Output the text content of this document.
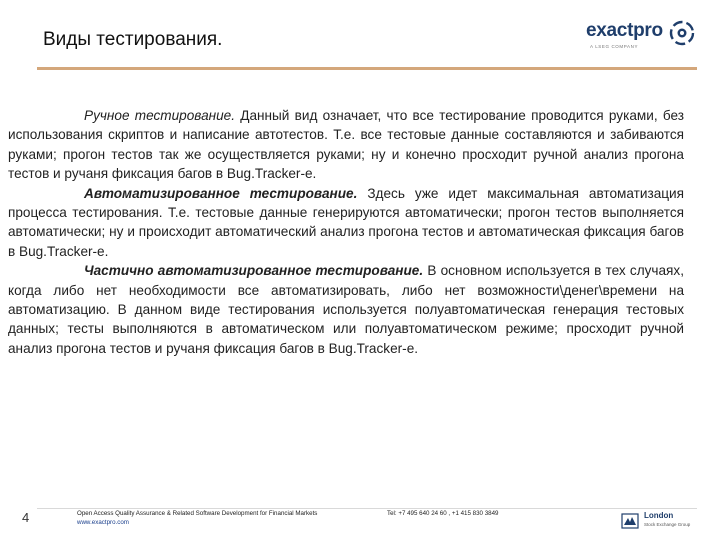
Виды тестирования.	exactpro
A LSEG COMPANY

Ручное тестирование. Данный вид означает, что все тестирование проводится руками, без использования скриптов и написание автотестов. Т.е. все тестовые данные составляются и забиваются руками; прогон тестов так же осуществляется руками; ну и конечно просходит ручной анализ прогона тестов и ручаня фиксация багов в Bug.Tracker-е.

Автоматизированное тестирование. Здесь уже идет максимальная автоматизация процесса тестирования. Т.е. тестовые данные генерируются автоматически; прогон тестов выполняется автоматически; ну и происходит автоматический анализ прогона тестов и автоматическая фиксация багов в Bug.Tracker-е.

Частично автоматизированное тестирование. В основном используется в тех случаях, когда либо нет необходимости все автоматизировать, либо нет возможности\денег\времени на автоматизацию. В данном виде тестирования используется полуавтоматическая генерация тестовых данных; тесты выполняются в автоматическом или полуавтоматическом режиме; просходит ручной анализ прогона тестов и ручаня фиксация багов в Bug.Tracker-е.

4	Open Access Quality Assurance & Related Software Development for Financial Markets
www.exactpro.com
Tel: +7 495 640 24 60 , +1 415 830 3849	London
Stock Exchange Group
